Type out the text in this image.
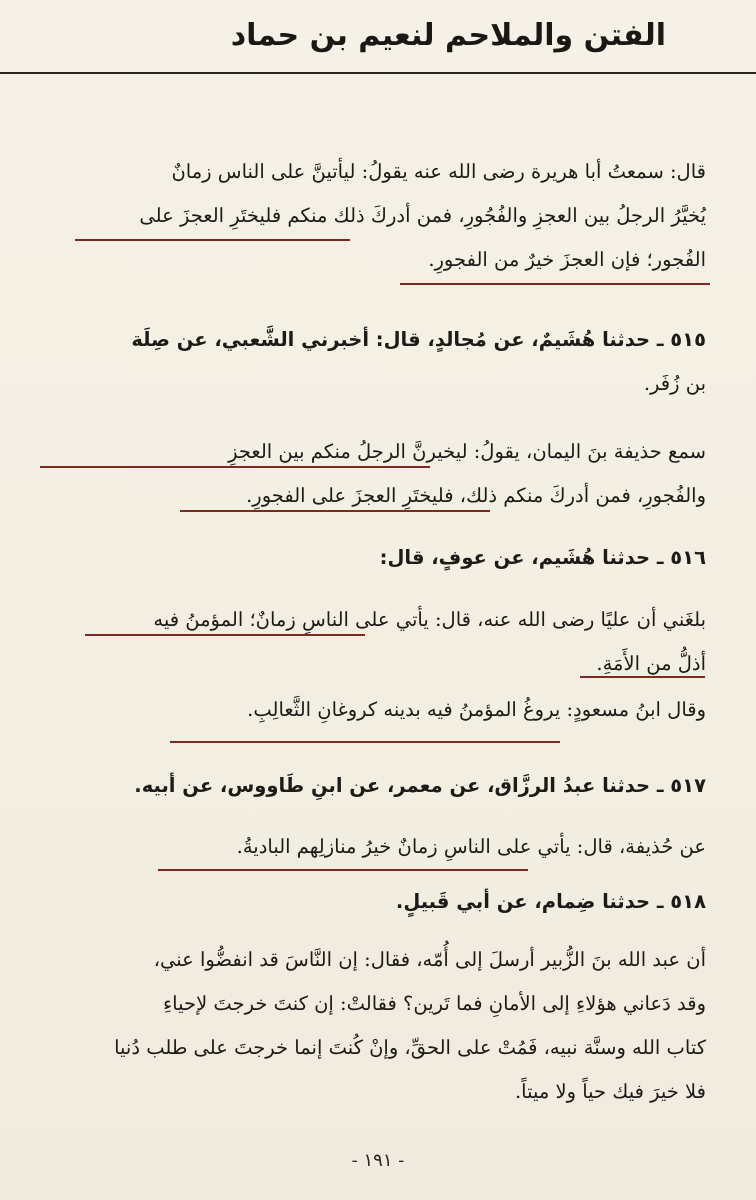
الفتن والملاحم لنعيم بن حماد
قال: سمعتُ أبا هريرة رضى الله عنه يقولُ: ليأتينَّ على الناس زمانٌ
يُخيَّرُ الرجلُ بين العجزِ والفُجُورِ، فمن أدركَ ذلك منكم فليختَرِ العجزَ على
الفُجور؛ فإن العجزَ خيرٌ من الفجورِ.
٥١٥ ـ حدثنا هُشَيمٌ، عن مُجالدٍ، قال: أخبرني الشَّعبي، عن صِلَة
بن زُفَر.
سمع حذيفة بنَ اليمان، يقولُ: ليخيرنَّ الرجلُ منكم بين العجزِ
والفُجورِ، فمن أدركَ منكم ذلك، فليختَرِ العجزَ على الفجورِ.
٥١٦ ـ حدثنا هُشَيم، عن عوفٍ، قال:
بلغَني أن عليًا رضى الله عنه، قال: يأتي على الناسِ زمانٌ؛ المؤمنُ فيه
أذلُّ من الأَمَةِ.
وقال ابنُ مسعودٍ: يروغُ المؤمنُ فيه بدينه كروغانِ الثَّعالِبِ.
٥١٧ ـ حدثنا عبدُ الرزَّاق، عن معمر، عن ابنِ طَاووس، عن أبيه.
عن حُذيفة، قال: يأتي على الناسِ زمانٌ خيرُ منازلِهم الباديةُ.
٥١٨ ـ حدثنا ضِمام، عن أبي قَبيلٍ.
أن عبد الله بنَ الزُّبير أرسلَ إلى أُمّه، فقال: إن النَّاسَ قد انفضُّوا عني،
وقد دَعاني هؤلاءِ إلى الأمانِ فما تَرين؟ فقالتْ: إن كنتَ خرجتَ لإحياءِ
كتاب الله وسنَّة نبيه، فَمُتْ على الحقِّ، وإنْ كُنتَ إنما خرجتَ على طلب دُنيا
فلا خيرَ فيك حياً ولا ميتاً.
- ١٩١ -
